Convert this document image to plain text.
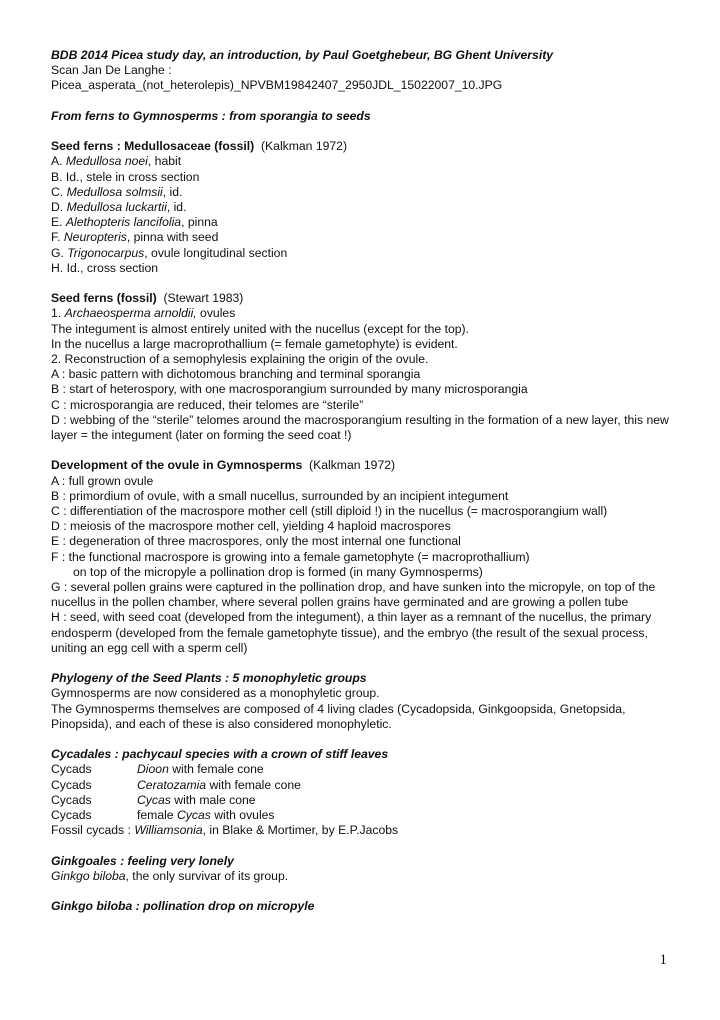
BDB 2014 Picea study day, an introduction, by Paul Goetghebeur, BG Ghent University
Scan Jan De Langhe :
Picea_asperata_(not_heterolepis)_NPVBM19842407_2950JDL_15022007_10.JPG
From ferns to Gymnosperms : from sporangia to seeds
Seed ferns : Medullosaceae (fossil) (Kalkman 1972)
A. Medullosa noei, habit
B. Id., stele in cross section
C. Medullosa solmsii, id.
D. Medullosa luckartii, id.
E. Alethopteris lancifolia, pinna
F. Neuropteris, pinna with seed
G. Trigonocarpus, ovule longitudinal section
H. Id., cross section
Seed ferns (fossil) (Stewart 1983)
1. Archaeosperma arnoldii, ovules
The integument is almost entirely united with the nucellus (except for the top).
In the nucellus a large macroprothallium (= female gametophyte) is evident.
2. Reconstruction of a semophylesis explaining the origin of the ovule.
A : basic pattern with dichotomous branching and terminal sporangia
B : start of heterospory, with one macrosporangium surrounded by many microsporangia
C : microsporangia are reduced, their telomes are “sterile”
D : webbing of the “sterile” telomes around the macrosporangium resulting in the formation of a new layer, this new layer = the integument (later on forming the seed coat !)
Development of the ovule in Gymnosperms (Kalkman 1972)
A : full grown ovule
B : primordium of ovule, with a small nucellus, surrounded by an incipient integument
C : differentiation of the macrospore mother cell (still diploid !) in the nucellus (= macrosporangium wall)
D : meiosis of the macrospore mother cell, yielding 4 haploid macrospores
E : degeneration of three macrospores, only the most internal one functional
F : the functional macrospore is growing into a female gametophyte (= macroprothallium)
on top of the micropyle a pollination drop is formed (in many Gymnosperms)
G : several pollen grains were captured in the pollination drop, and have sunken into the micropyle, on top of the nucellus in the pollen chamber, where several pollen grains have germinated and are growing a pollen tube
H : seed, with seed coat (developed from the integument), a thin layer as a remnant of the nucellus, the primary endosperm (developed from the female gametophyte tissue), and the embryo (the result of the sexual process, uniting an egg cell with a sperm cell)
Phylogeny of the Seed Plants : 5 monophyletic groups
Gymnosperms are now considered as a monophyletic group.
The Gymnosperms themselves are composed of 4 living clades (Cycadopsida, Ginkgoopsida, Gnetopsida, Pinopsida), and each of these is also considered monophyletic.
Cycadales : pachycaul species with a crown of stiff leaves
Cycads	Dioon with female cone
Cycads	Ceratozamia with female cone
Cycads	Cycas with male cone
Cycads	female Cycas with ovules
Fossil cycads : Williamsonia, in Blake & Mortimer, by E.P.Jacobs
Ginkgoales : feeling very lonely
Ginkgo biloba, the only survivar of its group.
Ginkgo biloba : pollination drop on micropyle
1
